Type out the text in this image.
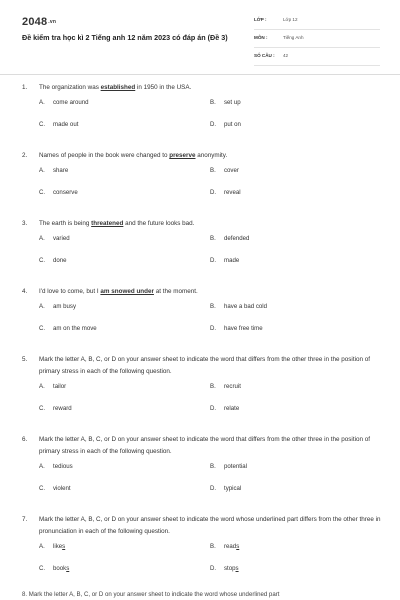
2048.vn
Đề kiểm tra học kì 2 Tiếng anh 12 năm 2023 có đáp án (Đề 3)
LỚP :	Lớp 12
MÔN :	Tiếng Anh
SỐ CÂU : 42
1.	The organization was established in 1950 in the USA.
A. come around	B. set up
C. made out	D. put on
2.	Names of people in the book were changed to preserve anonymity.
A. share	B. cover
C. conserve	D. reveal
3.	The earth is being threatened and the future looks bad.
A. varied	B. defended
C. done	D. made
4.	I'd love to come, but I am snowed under at the moment.
A. am busy	B. have a bad cold
C. am on the move	D. have free time
5.	Mark the letter A, B, C, or D on your answer sheet to indicate the word that differs from the other three in the position of primary stress in each of the following question.
A. tailor	B. recruit
C. reward	D. relate
6.	Mark the letter A, B, C, or D on your answer sheet to indicate the word that differs from the other three in the position of primary stress in each of the following question.
A. tedious	B. potential
C. violent	D. typical
7.	Mark the letter A, B, C, or D on your answer sheet to indicate the word whose underlined part differs from the other three in pronunciation in each of the following question.
A. likes	B. reads
C. books	D. stops
8. Mark the letter A, B, C, or D on your answer sheet to indicate the word whose underlined part
